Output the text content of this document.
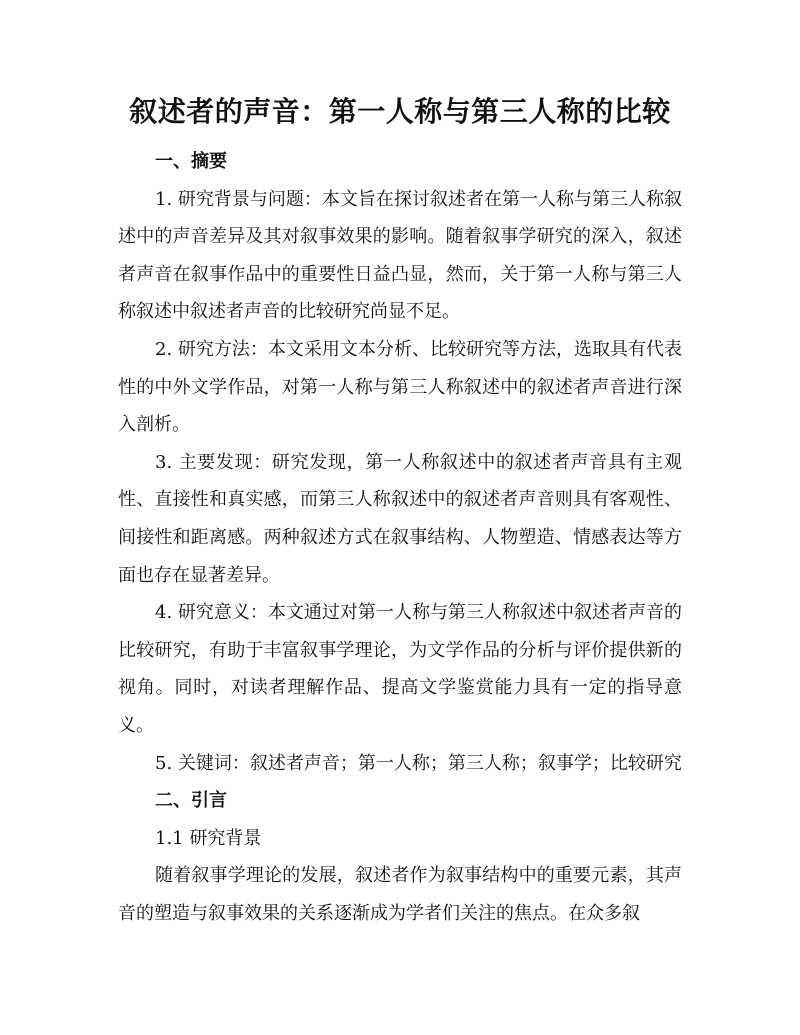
叙述者的声音：第一人称与第三人称的比较

一、摘要

1. 研究背景与问题：本文旨在探讨叙述者在第一人称与第三人称叙述中的声音差异及其对叙事效果的影响。随着叙事学研究的深入，叙述者声音在叙事作品中的重要性日益凸显，然而，关于第一人称与第三人称叙述中叙述者声音的比较研究尚显不足。

2. 研究方法：本文采用文本分析、比较研究等方法，选取具有代表性的中外文学作品，对第一人称与第三人称叙述中的叙述者声音进行深入剖析。

3. 主要发现：研究发现，第一人称叙述中的叙述者声音具有主观性、直接性和真实感，而第三人称叙述中的叙述者声音则具有客观性、间接性和距离感。两种叙述方式在叙事结构、人物塑造、情感表达等方面也存在显著差异。

4. 研究意义：本文通过对第一人称与第三人称叙述中叙述者声音的比较研究，有助于丰富叙事学理论，为文学作品的分析与评价提供新的视角。同时，对读者理解作品、提高文学鉴赏能力具有一定的指导意义。

5. 关键词：叙述者声音；第一人称；第三人称；叙事学；比较研究

二、引言

1.1 研究背景

随着叙事学理论的发展，叙述者作为叙事结构中的重要元素，其声音的塑造与叙事效果的关系逐渐成为学者们关注的焦点。在众多叙
